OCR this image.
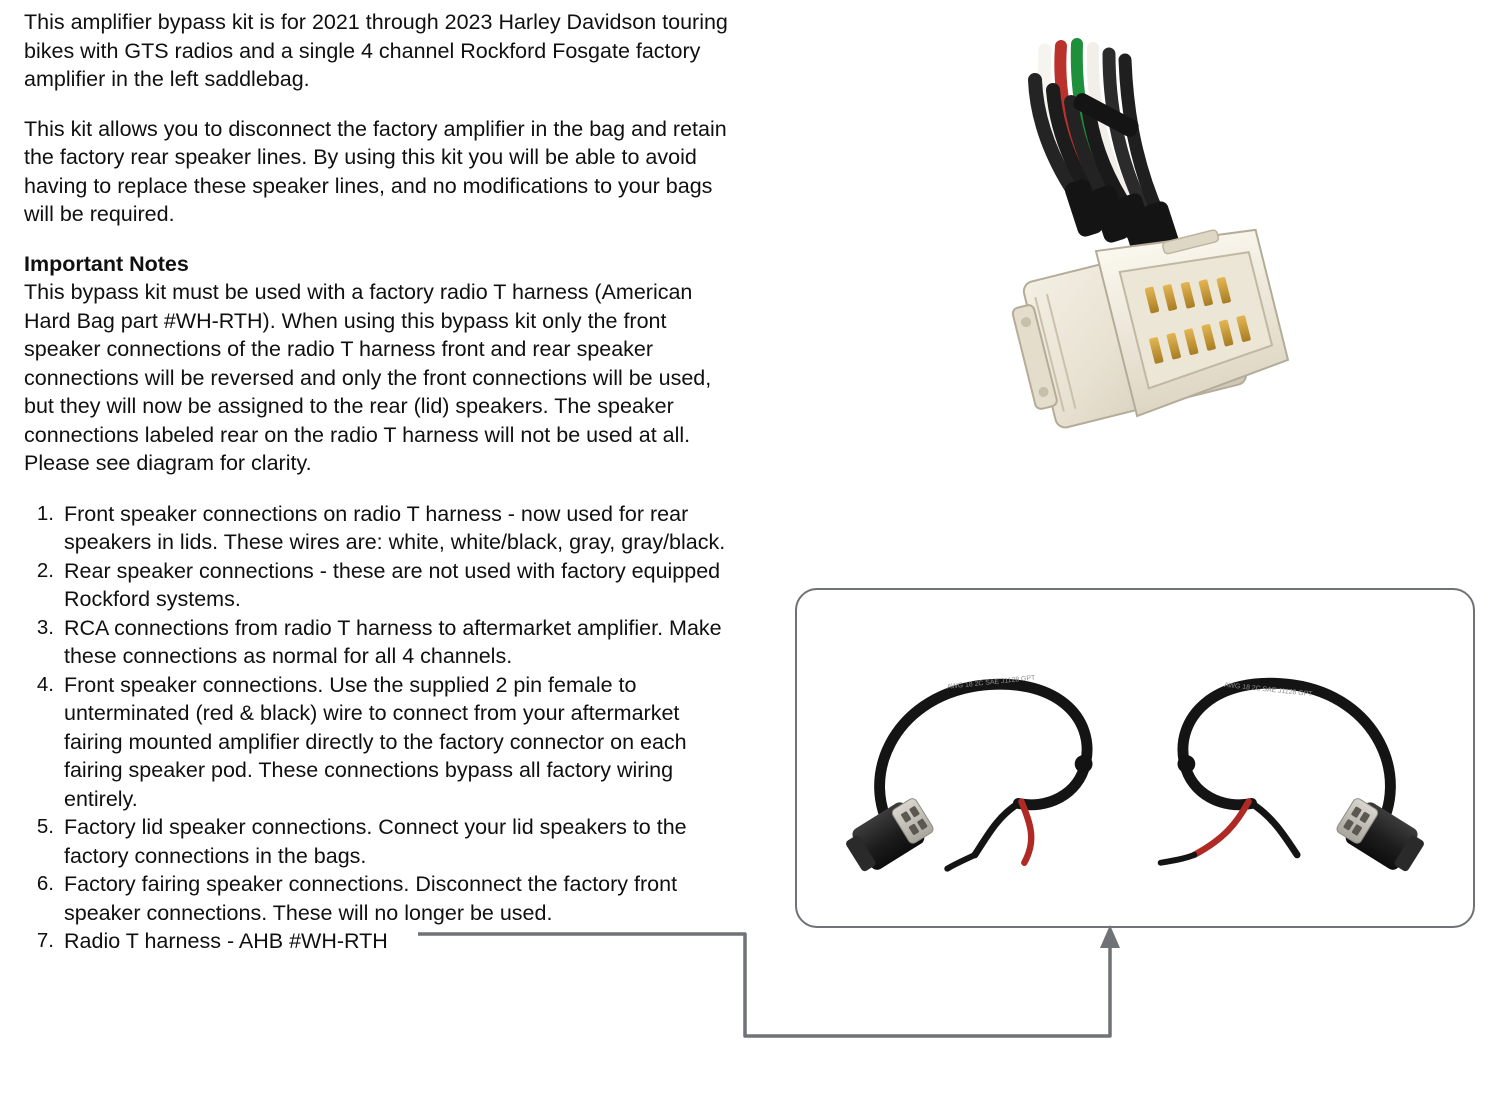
This amplifier bypass kit is for 2021 through 2023 Harley Davidson touring bikes with GTS radios and a single 4 channel Rockford Fosgate factory amplifier in the left saddlebag.

This kit allows you to disconnect the factory amplifier in the bag and retain the factory rear speaker lines. By using this kit you will be able to avoid having to replace these speaker lines, and no modifications to your bags will be required.

Important Notes

This bypass kit must be used with a factory radio T harness (American Hard Bag part #WH-RTH). When using this bypass kit only the front speaker connections of the radio T harness front and rear speaker connections will be reversed and only the front connections will be used, but they will now be assigned to the rear (lid) speakers. The speaker connections labeled rear on the radio T harness will not be used at all. Please see diagram for clarity.

Front speaker connections on radio T harness - now used for rear speakers in lids. These wires are: white, white/black, gray, gray/black.
Rear speaker connections - these are not used with factory equipped Rockford systems.
RCA connections from radio T harness to aftermarket amplifier. Make these connections as normal for all 4 channels.
Front speaker connections. Use the supplied 2 pin female to unterminated (red & black) wire to connect from your aftermarket fairing mounted amplifier directly to the factory connector on each fairing speaker pod. These connections bypass all factory wiring entirely.
Factory lid speaker connections. Connect your lid speakers to the factory connections in the bags.
Factory fairing speaker connections. Disconnect the factory front speaker connections. These will no longer be used.
Radio T harness - AHB #WH-RTH
AWG 18 2C SAE J1128 GPT	AWG 18 2C SAE J1128 GPT
